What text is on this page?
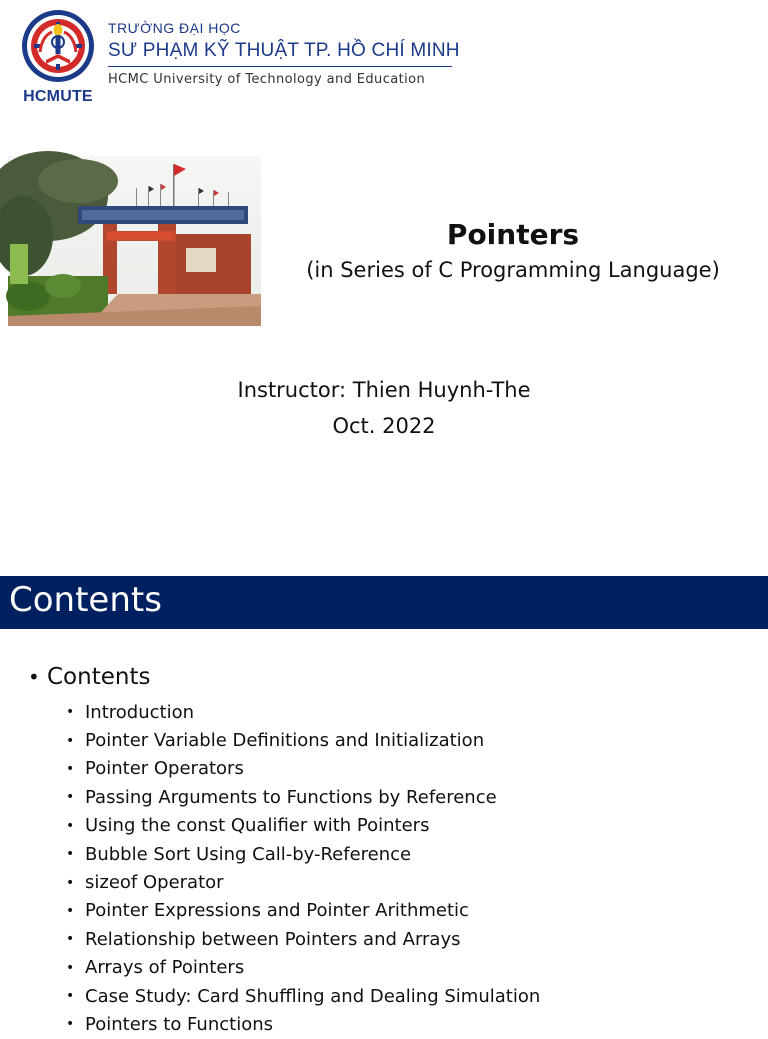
HCMUTE
TRƯỜNG ĐẠI HỌC
SƯ PHẠM KỸ THUẬT TP. HỒ CHÍ MINH
HCMC University of Technology and Education
Pointers
(in Series of C Programming Language)
Instructor: Thien Huynh-The
Oct. 2022
Contents
• Contents
• Introduction
• Pointer Variable Definitions and Initialization
• Pointer Operators
• Passing Arguments to Functions by Reference
• Using the const Qualifier with Pointers
• Bubble Sort Using Call-by-Reference
• sizeof Operator
• Pointer Expressions and Pointer Arithmetic
• Relationship between Pointers and Arrays
• Arrays of Pointers
• Case Study: Card Shuffling and Dealing Simulation
• Pointers to Functions
